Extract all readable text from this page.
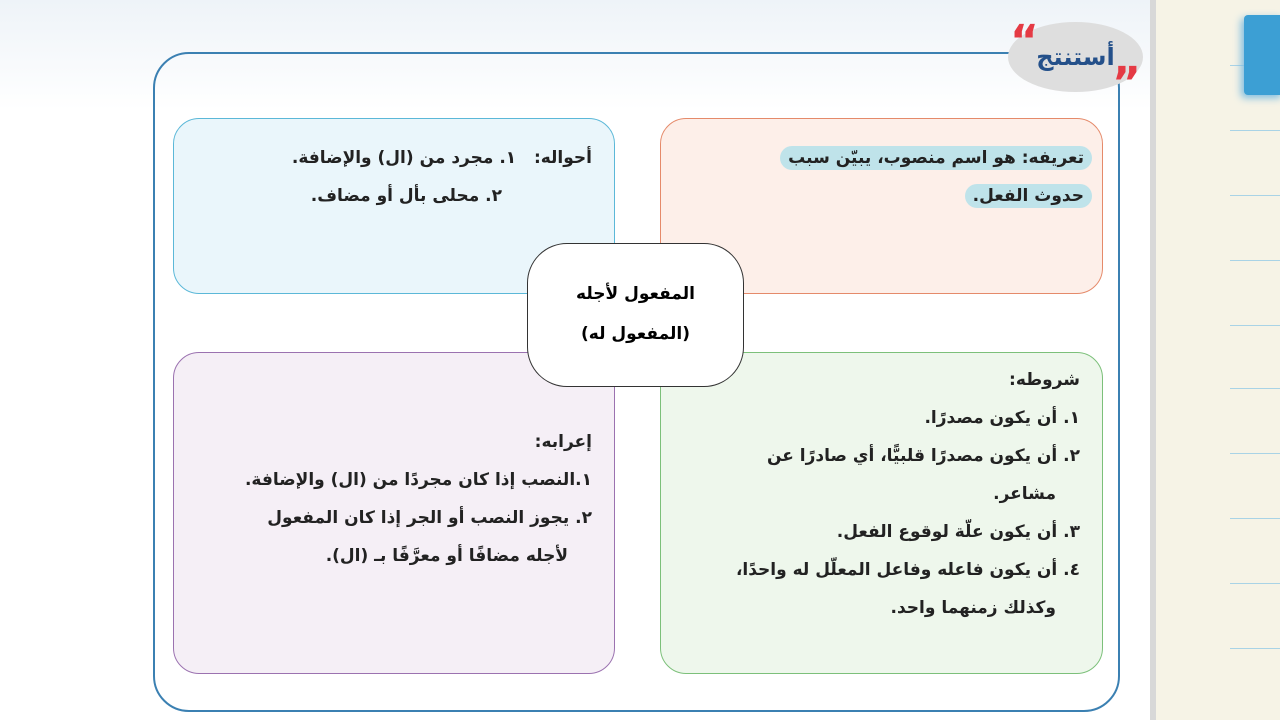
أستنتج
“
”
أحواله:   ١. مجرد من (ال) والإضافة.
٢. محلى بأل أو مضاف.
تعريفه: هو اسم منصوب، يبيّن سبب
حدوث الفعل.
إعرابه:
١.النصب إذا كان مجردًا من (ال) والإضافة.
٢. يجوز النصب أو الجر إذا كان المفعول
لأجله مضافًا أو معرَّفًا بـ (ال).
شروطه:
١. أن يكون مصدرًا.
٢. أن يكون مصدرًا قلبيًّا، أي صادرًا عن
مشاعر.
٣. أن يكون علّة لوقوع الفعل.
٤. أن يكون فاعله وفاعل المعلّل له واحدًا،
وكذلك زمنهما واحد.
المفعول لأجله
(المفعول له)
